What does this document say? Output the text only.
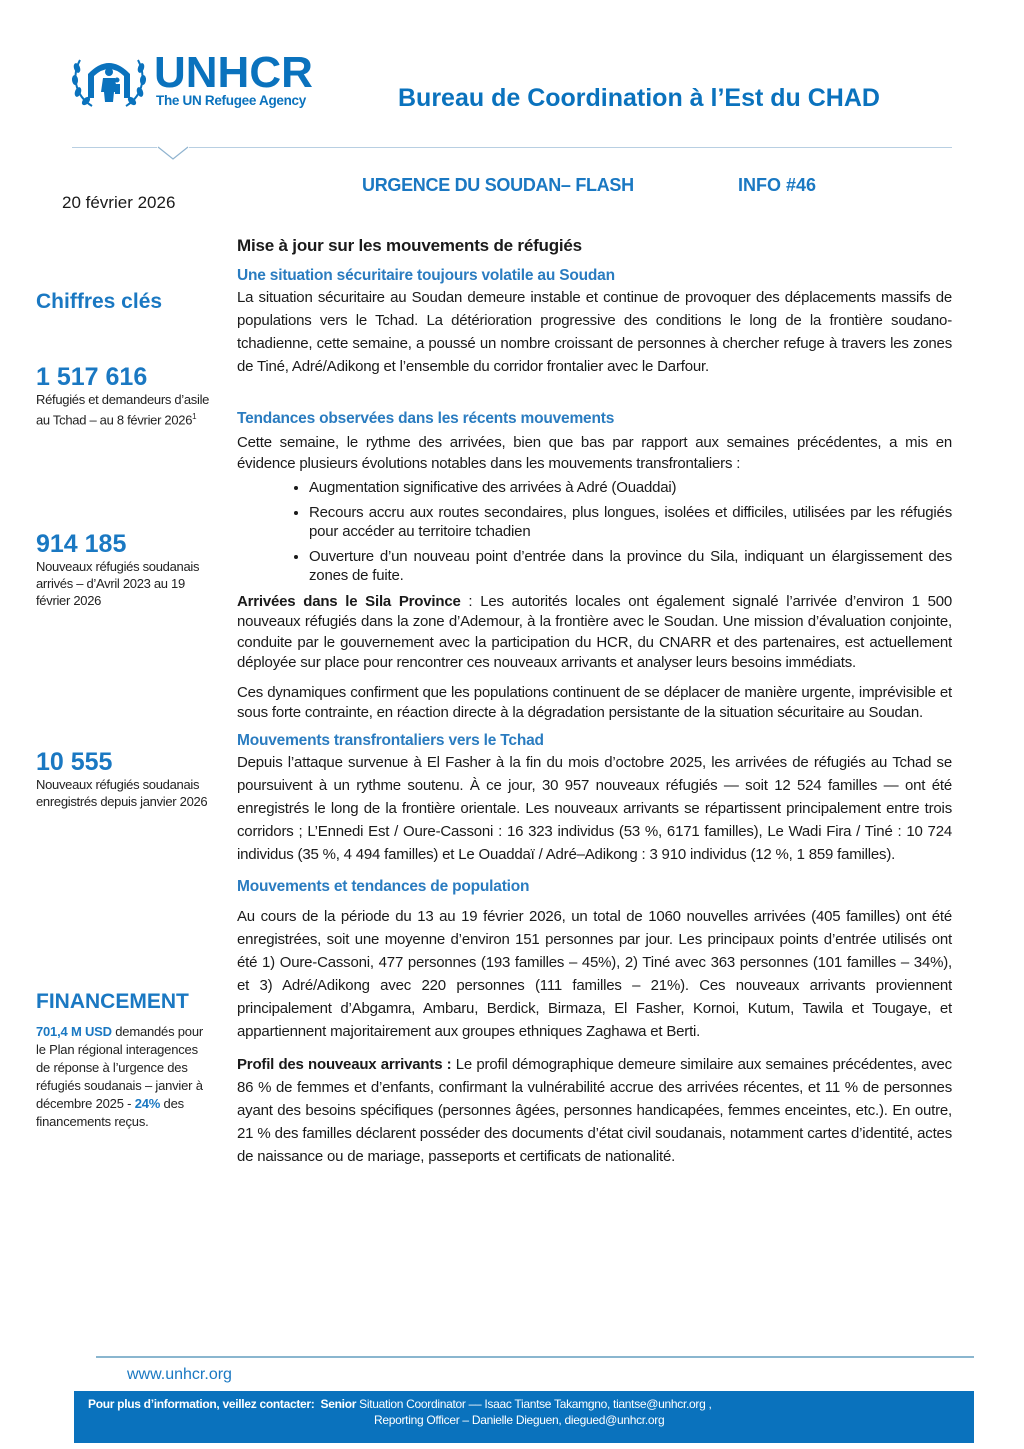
UNHCR
The UN Refugee Agency	Bureau de Coordination à l’Est du CHAD
URGENCE DU SOUDAN– FLASH	INFO #46
20 février 2026
Chiffres clés
1 517 616
Réfugiés et demandeurs d’asile au Tchad – au 8 février 2026$^1$
914 185
Nouveaux réfugiés soudanais arrivés – d’Avril 2023 au 19 février 2026
10 555
Nouveaux réfugiés soudanais enregistrés depuis janvier 2026
FINANCEMENT
701,4 M USD demandés pour le Plan régional interagences de réponse à l’urgence des réfugiés soudanais – janvier à décembre 2025 - 24% des financements reçus.
Mise à jour sur les mouvements de réfugiés
Une situation sécuritaire toujours volatile au Soudan

La situation sécuritaire au Soudan demeure instable et continue de provoquer des déplacements massifs de populations vers le Tchad. La détérioration progressive des conditions le long de la frontière soudano-tchadienne, cette semaine, a poussé un nombre croissant de personnes à chercher refuge à travers les zones de Tiné, Adré/Adikong et l’ensemble du corridor frontalier avec le Darfour.

Tendances observées dans les récents mouvements

Cette semaine, le rythme des arrivées, bien que bas par rapport aux semaines précédentes, a mis en évidence plusieurs évolutions notables dans les mouvements transfrontaliers :

• Augmentation significative des arrivées à Adré (Ouaddai)
• Recours accru aux routes secondaires, plus longues, isolées et difficiles, utilisées par les réfugiés pour accéder au territoire tchadien
• Ouverture d’un nouveau point d’entrée dans la province du Sila, indiquant un élargissement des zones de fuite.

Arrivées dans le Sila Province : Les autorités locales ont également signalé l’arrivée d’environ 1 500 nouveaux réfugiés dans la zone d’Ademour, à la frontière avec le Soudan. Une mission d’évaluation conjointe, conduite par le gouvernement avec la participation du HCR, du CNARR et des partenaires, est actuellement déployée sur place pour rencontrer ces nouveaux arrivants et analyser leurs besoins immédiats.

Ces dynamiques confirment que les populations continuent de se déplacer de manière urgente, imprévisible et sous forte contrainte, en réaction directe à la dégradation persistante de la situation sécuritaire au Soudan.

Mouvements transfrontaliers vers le Tchad

Depuis l’attaque survenue à El Fasher à la fin du mois d’octobre 2025, les arrivées de réfugiés au Tchad se poursuivent à un rythme soutenu. À ce jour, 30 957 nouveaux réfugiés — soit 12 524 familles — ont été enregistrés le long de la frontière orientale. Les nouveaux arrivants se répartissent principalement entre trois corridors ; L’Ennedi Est / Oure-Cassoni : 16 323 individus (53 %, 6171 familles), Le Wadi Fira / Tiné : 10 724 individus (35 %, 4 494 familles) et Le Ouaddaï / Adré–Adikong : 3 910 individus (12 %, 1 859 familles).

Mouvements et tendances de population

Au cours de la période du 13 au 19 février 2026, un total de 1060 nouvelles arrivées (405 familles) ont été enregistrées, soit une moyenne d’environ 151 personnes par jour. Les principaux points d’entrée utilisés ont été 1) Oure-Cassoni, 477 personnes (193 familles – 45%), 2) Tiné avec 363 personnes (101 familles – 34%), et 3) Adré/Adikong avec 220 personnes (111 familles – 21%). Ces nouveaux arrivants proviennent principalement d’Abgamra, Ambaru, Berdick, Birmaza, El Fasher, Kornoi, Kutum, Tawila et Tougaye, et appartiennent majoritairement aux groupes ethniques Zaghawa et Berti.

Profil des nouveaux arrivants : Le profil démographique demeure similaire aux semaines précédentes, avec 86 % de femmes et d’enfants, confirmant la vulnérabilité accrue des arrivées récentes, et 11 % de personnes ayant des besoins spécifiques (personnes âgées, personnes handicapées, femmes enceintes, etc.). En outre, 21 % des familles déclarent posséder des documents d’état civil soudanais, notamment cartes d’identité, actes de naissance ou de mariage, passeports et certificats de nationalité.

www.unhcr.org
Pour plus d’information, veillez contacter: Senior Situation Coordinator –– Isaac Tiantse Takamgno, tiantse@unhcr.org ,
Reporting Officer – Danielle Dieguen, diegued@unhcr.org
